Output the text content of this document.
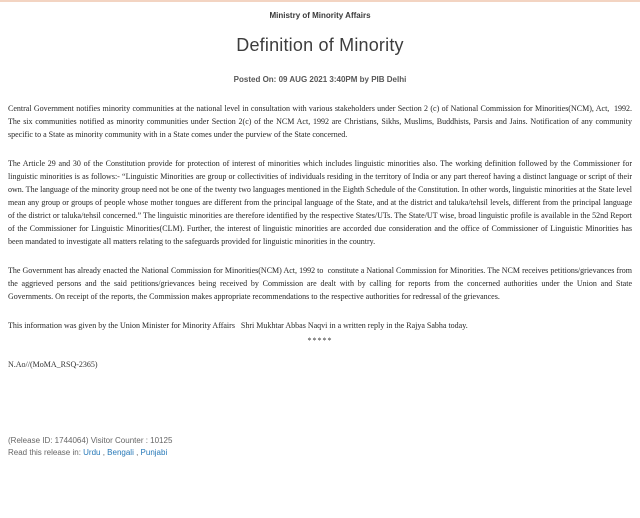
Ministry of Minority Affairs
Definition of Minority
Posted On: 09 AUG 2021 3:40PM by PIB Delhi

Central Government notifies minority communities at the national level in consultation with various stakeholders under Section 2 (c) of National Commission for Minorities(NCM), Act,  1992.  The six communities notified as minority communities under Section 2(c) of the NCM Act, 1992 are Christians, Sikhs, Muslims, Buddhists, Parsis and Jains. Notification of any community specific to a State as minority community with in a State comes under the purview of the State concerned.

The Article 29 and 30 of the Constitution provide for protection of interest of minorities which includes linguistic minorities also. The working definition followed by the Commissioner for linguistic minorities is as follows:- “Linguistic Minorities are group or collectivities of individuals residing in the territory of India or any part thereof having a distinct language or script of their own. The language of the minority group need not be one of the twenty two languages mentioned in the Eighth Schedule of the Constitution. In other words, linguistic minorities at the State level mean any group or groups of people whose mother tongues are different from the principal language of the State, and at the district and taluka/tehsil levels, different from the principal language of the district or taluka/tehsil concerned.” The linguistic minorities are therefore identified by the respective States/UTs. The State/UT wise, broad linguistic profile is available in the 52nd Report of the Commissioner for Linguistic Minorities(CLM). Further, the interest of linguistic minorities are accorded due consideration and the office of Commissioner of Linguistic Minorities has been mandated to investigate all matters relating to the safeguards provided for linguistic minorities in the country.

The Government has already enacted the National Commission for Minorities(NCM) Act, 1992 to  constitute a National Commission for Minorities. The NCM receives petitions/grievances from the aggrieved persons and the said petitions/grievances being received by Commission are dealt with by calling for reports from the concerned authorities under the Union and State Governments. On receipt of the reports, the Commission makes appropriate recommendations to the respective authorities for redressal of the grievances.

This information was given by the Union Minister for Minority Affairs   Shri Mukhtar Abbas Naqvi in a written reply in the Rajya Sabha today.

*****
N.Ao//(MoMA_RSQ-2365)
(Release ID: 1744064) Visitor Counter : 10125
Read this release in: Urdu , Bengali , Punjabi
